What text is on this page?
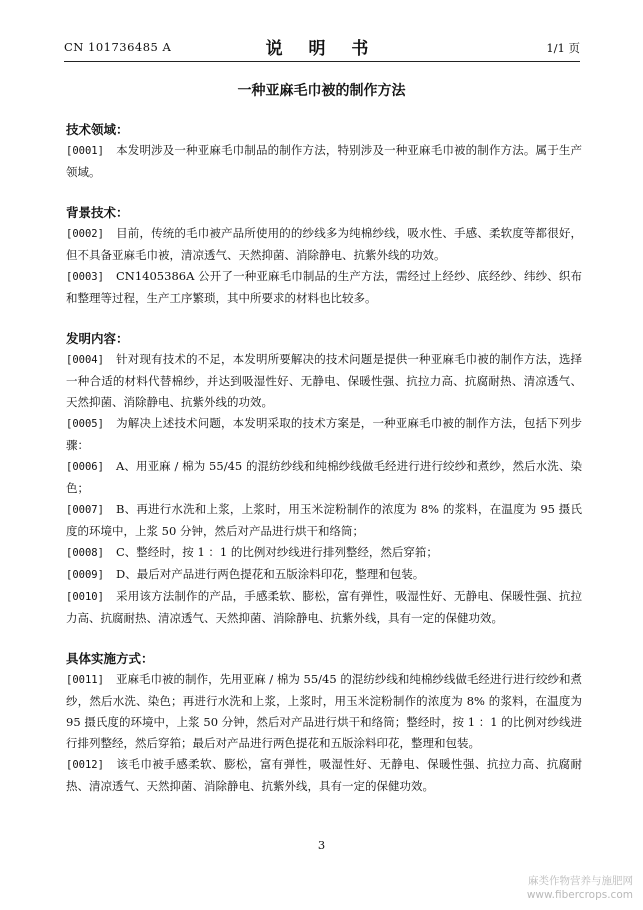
CN 101736485 A	说 明 书	1/1 页
一种亚麻毛巾被的制作方法
技术领域：

[0001] 本发明涉及一种亚麻毛巾制品的制作方法，特别涉及一种亚麻毛巾被的制作方法。属于生产领域。

背景技术：

[0002] 目前，传统的毛巾被产品所使用的的纱线多为纯棉纱线，吸水性、手感、柔软度等都很好，但不具备亚麻毛巾被，清凉透气、天然抑菌、消除静电、抗紫外线的功效。

[0003] CN1405386A 公开了一种亚麻毛巾制品的生产方法，需经过上经纱、底经纱、纬纱、织布和整理等过程，生产工序繁琐，其中所要求的材料也比较多。

发明内容：

[0004] 针对现有技术的不足，本发明所要解决的技术问题是提供一种亚麻毛巾被的制作方法，选择一种合适的材料代替棉纱，并达到吸湿性好、无静电、保暖性强、抗拉力高、抗腐耐热、清凉透气、天然抑菌、消除静电、抗紫外线的功效。

[0005] 为解决上述技术问题，本发明采取的技术方案是，一种亚麻毛巾被的制作方法，包括下列步骤：

[0006] A、用亚麻 / 棉为 55/45 的混纺纱线和纯棉纱线做毛经进行进行绞纱和煮纱，然后水洗、染色；

[0007] B、再进行水洗和上浆，上浆时，用玉米淀粉制作的浓度为 8% 的浆料，在温度为 95 摄氏度的环境中，上浆 50 分钟，然后对产品进行烘干和络筒；

[0008] C、整经时，按 1 ：1 的比例对纱线进行排列整经，然后穿筘；

[0009] D、最后对产品进行两色提花和五版涂料印花，整理和包装。

[0010] 采用该方法制作的产品，手感柔软、膨松，富有弹性，吸湿性好、无静电、保暖性强、抗拉力高、抗腐耐热、清凉透气、天然抑菌、消除静电、抗紫外线，具有一定的保健功效。

具体实施方式：

[0011] 亚麻毛巾被的制作，先用亚麻 / 棉为 55/45 的混纺纱线和纯棉纱线做毛经进行进行绞纱和煮纱，然后水洗、染色；再进行水洗和上浆，上浆时，用玉米淀粉制作的浓度为 8% 的浆料，在温度为 95 摄氏度的环境中，上浆 50 分钟，然后对产品进行烘干和络筒；整经时，按 1 ：1 的比例对纱线进行排列整经，然后穿筘；最后对产品进行两色提花和五版涂料印花，整理和包装。

[0012] 该毛巾被手感柔软、膨松，富有弹性，吸湿性好、无静电、保暖性强、抗拉力高、抗腐耐热、清凉透气、天然抑菌、消除静电、抗紫外线，具有一定的保健功效。

3
麻类作物营养与施肥网
www.fibercrops.com
